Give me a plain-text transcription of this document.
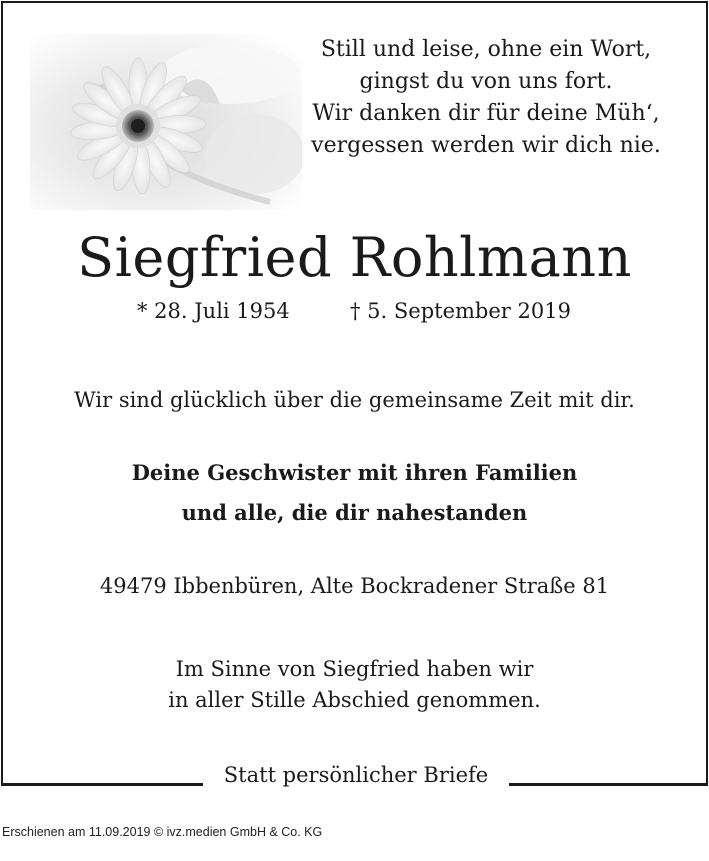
Still und leise, ohne ein Wort,
gingst du von uns fort.
Wir danken dir für deine Müh‘,
vergessen werden wir dich nie.
Siegfried Rohlmann
* 28. Juli 1954	† 5. September 2019
Wir sind glücklich über die gemeinsame Zeit mit dir.
Deine Geschwister mit ihren Familien
und alle, die dir nahestanden
49479 Ibbenbüren, Alte Bockradener Straße 81
Im Sinne von Siegfried haben wir
in aller Stille Abschied genommen.
Statt persönlicher Briefe
Erschienen am 11.09.2019 © ivz.medien GmbH & Co. KG
